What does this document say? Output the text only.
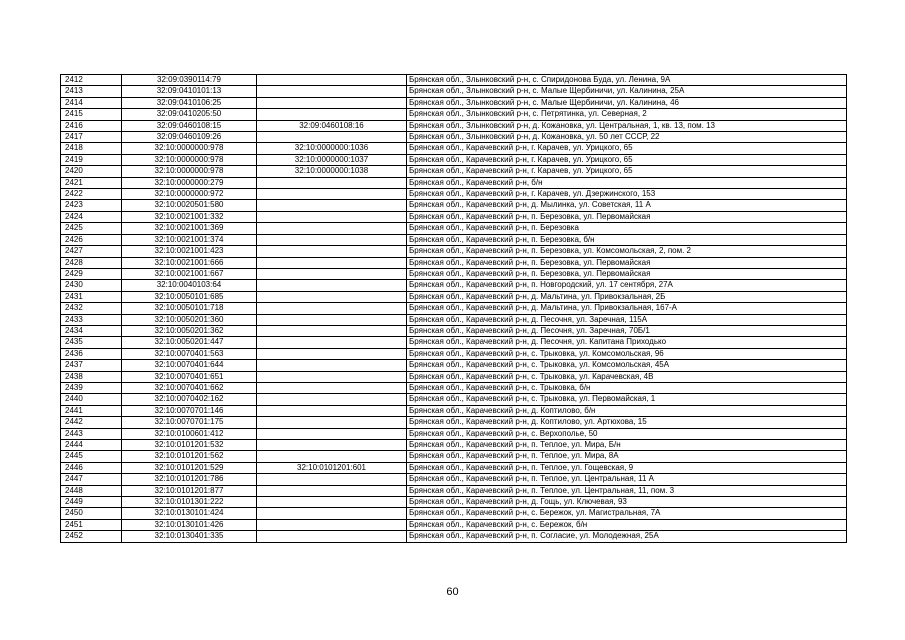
2412	32:09:0390114:79		Брянская обл., Злынковский р-н, с. Спиридонова Буда, ул. Ленина, 9А
2413	32:09:0410101:13		Брянская обл., Злынковский р-н, с. Малые Щербиничи, ул. Калинина, 25А
2414	32:09:0410106:25		Брянская обл., Злынковский р-н, с. Малые Щербиничи, ул. Калинина, 46
2415	32:09:0410205:50		Брянская обл., Злынковский р-н, с. Петрятинка, ул. Северная, 2
2416	32:09:0460108:15	32:09:0460108:16	Брянская обл., Злынковский р-н, д. Кожановка, ул. Центральная, 1, кв. 13, пом. 13
2417	32:09:0460109:26		Брянская обл., Злынковский р-н, д. Кожановка, ул. 50 лет СССР, 22
2418	32:10:0000000:978	32:10:0000000:1036	Брянская обл., Карачевский р-н, г. Карачев, ул. Урицкого, 65
2419	32:10:0000000:978	32:10:0000000:1037	Брянская обл., Карачевский р-н, г. Карачев, ул. Урицкого, 65
2420	32:10:0000000:978	32:10:0000000:1038	Брянская обл., Карачевский р-н, г. Карачев, ул. Урицкого, 65
2421	32:10:0000000:279		Брянская обл., Карачевский р-н, б/н
2422	32:10:0000000:972		Брянская обл., Карачевский р-н, г. Карачев, ул. Дзержинского, 153
2423	32:10:0020501:580		Брянская обл., Карачевский р-н, д. Мылинка, ул. Советская, 11 А
2424	32:10:0021001:332		Брянская обл., Карачевский р-н, п. Березовка, ул. Первомайская
2425	32:10:0021001:369		Брянская обл., Карачевский р-н, п. Березовка
2426	32:10:0021001:374		Брянская обл., Карачевский р-н, п. Березовка, б/н
2427	32:10:0021001:423		Брянская обл., Карачевский р-н, п. Березовка, ул. Комсомольская, 2, пом. 2
2428	32:10:0021001:666		Брянская обл., Карачевский р-н, п. Березовка, ул. Первомайская
2429	32:10:0021001:667		Брянская обл., Карачевский р-н, п. Березовка, ул. Первомайская
2430	32:10:0040103:64		Брянская обл., Карачевский р-н, п. Новгородский, ул. 17 сентября, 27А
2431	32:10:0050101:685		Брянская обл., Карачевский р-н, д. Мальтина, ул. Привокзальная, 2Б
2432	32:10:0050101:718		Брянская обл., Карачевский р-н, д. Мальтина, ул. Привокзальная, 167-А
2433	32:10:0050201:360		Брянская обл., Карачевский р-н, д. Песочня, ул. Заречная, 115А
2434	32:10:0050201:362		Брянская обл., Карачевский р-н, д. Песочня, ул. Заречная, 70Б/1
2435	32:10:0050201:447		Брянская обл., Карачевский р-н, д. Песочня, ул. Капитана Приходько
2436	32:10:0070401:563		Брянская обл., Карачевский р-н, с. Трыковка, ул. Комсомольская, 96
2437	32:10:0070401:644		Брянская обл., Карачевский р-н, с. Трыковка, ул. Комсомольская, 45А
2438	32:10:0070401:651		Брянская обл., Карачевский р-н, с. Трыковка, ул. Карачевская, 4В
2439	32:10:0070401:662		Брянская обл., Карачевский р-н, с. Трыковка, б/н
2440	32:10:0070402:162		Брянская обл., Карачевский р-н, с. Трыковка, ул. Первомайская, 1
2441	32:10:0070701:146		Брянская обл., Карачевский р-н, д. Коптилово, б/н
2442	32:10:0070701:175		Брянская обл., Карачевский р-н, д. Коптилово, ул. Артюхова, 15
2443	32:10:0100601:412		Брянская обл., Карачевский р-н, с. Верхополье, 50
2444	32:10:0101201:532		Брянская обл., Карачевский р-н, п. Теплое, ул. Мира, Б/н
2445	32:10:0101201:562		Брянская обл., Карачевский р-н, п. Теплое, ул. Мира, 8А
2446	32:10:0101201:529	32:10:0101201:601	Брянская обл., Карачевский р-н, п. Теплое, ул. Гощевская, 9
2447	32:10:0101201:786		Брянская обл., Карачевский р-н, п. Теплое, ул. Центральная, 11 А
2448	32:10:0101201:877		Брянская обл., Карачевский р-н, п. Теплое, ул. Центральная, 11, пом. 3
2449	32:10:0101301:222		Брянская обл., Карачевский р-н, д. Гощь, ул. Ключевая, 93
2450	32:10:0130101:424		Брянская обл., Карачевский р-н, с. Бережок, ул. Магистральная, 7А
2451	32:10:0130101:426		Брянская обл., Карачевский р-н, с. Бережок, б/н
2452	32:10:0130401:335		Брянская обл., Карачевский р-н, п. Согласие, ул. Молодежная, 25А
60
